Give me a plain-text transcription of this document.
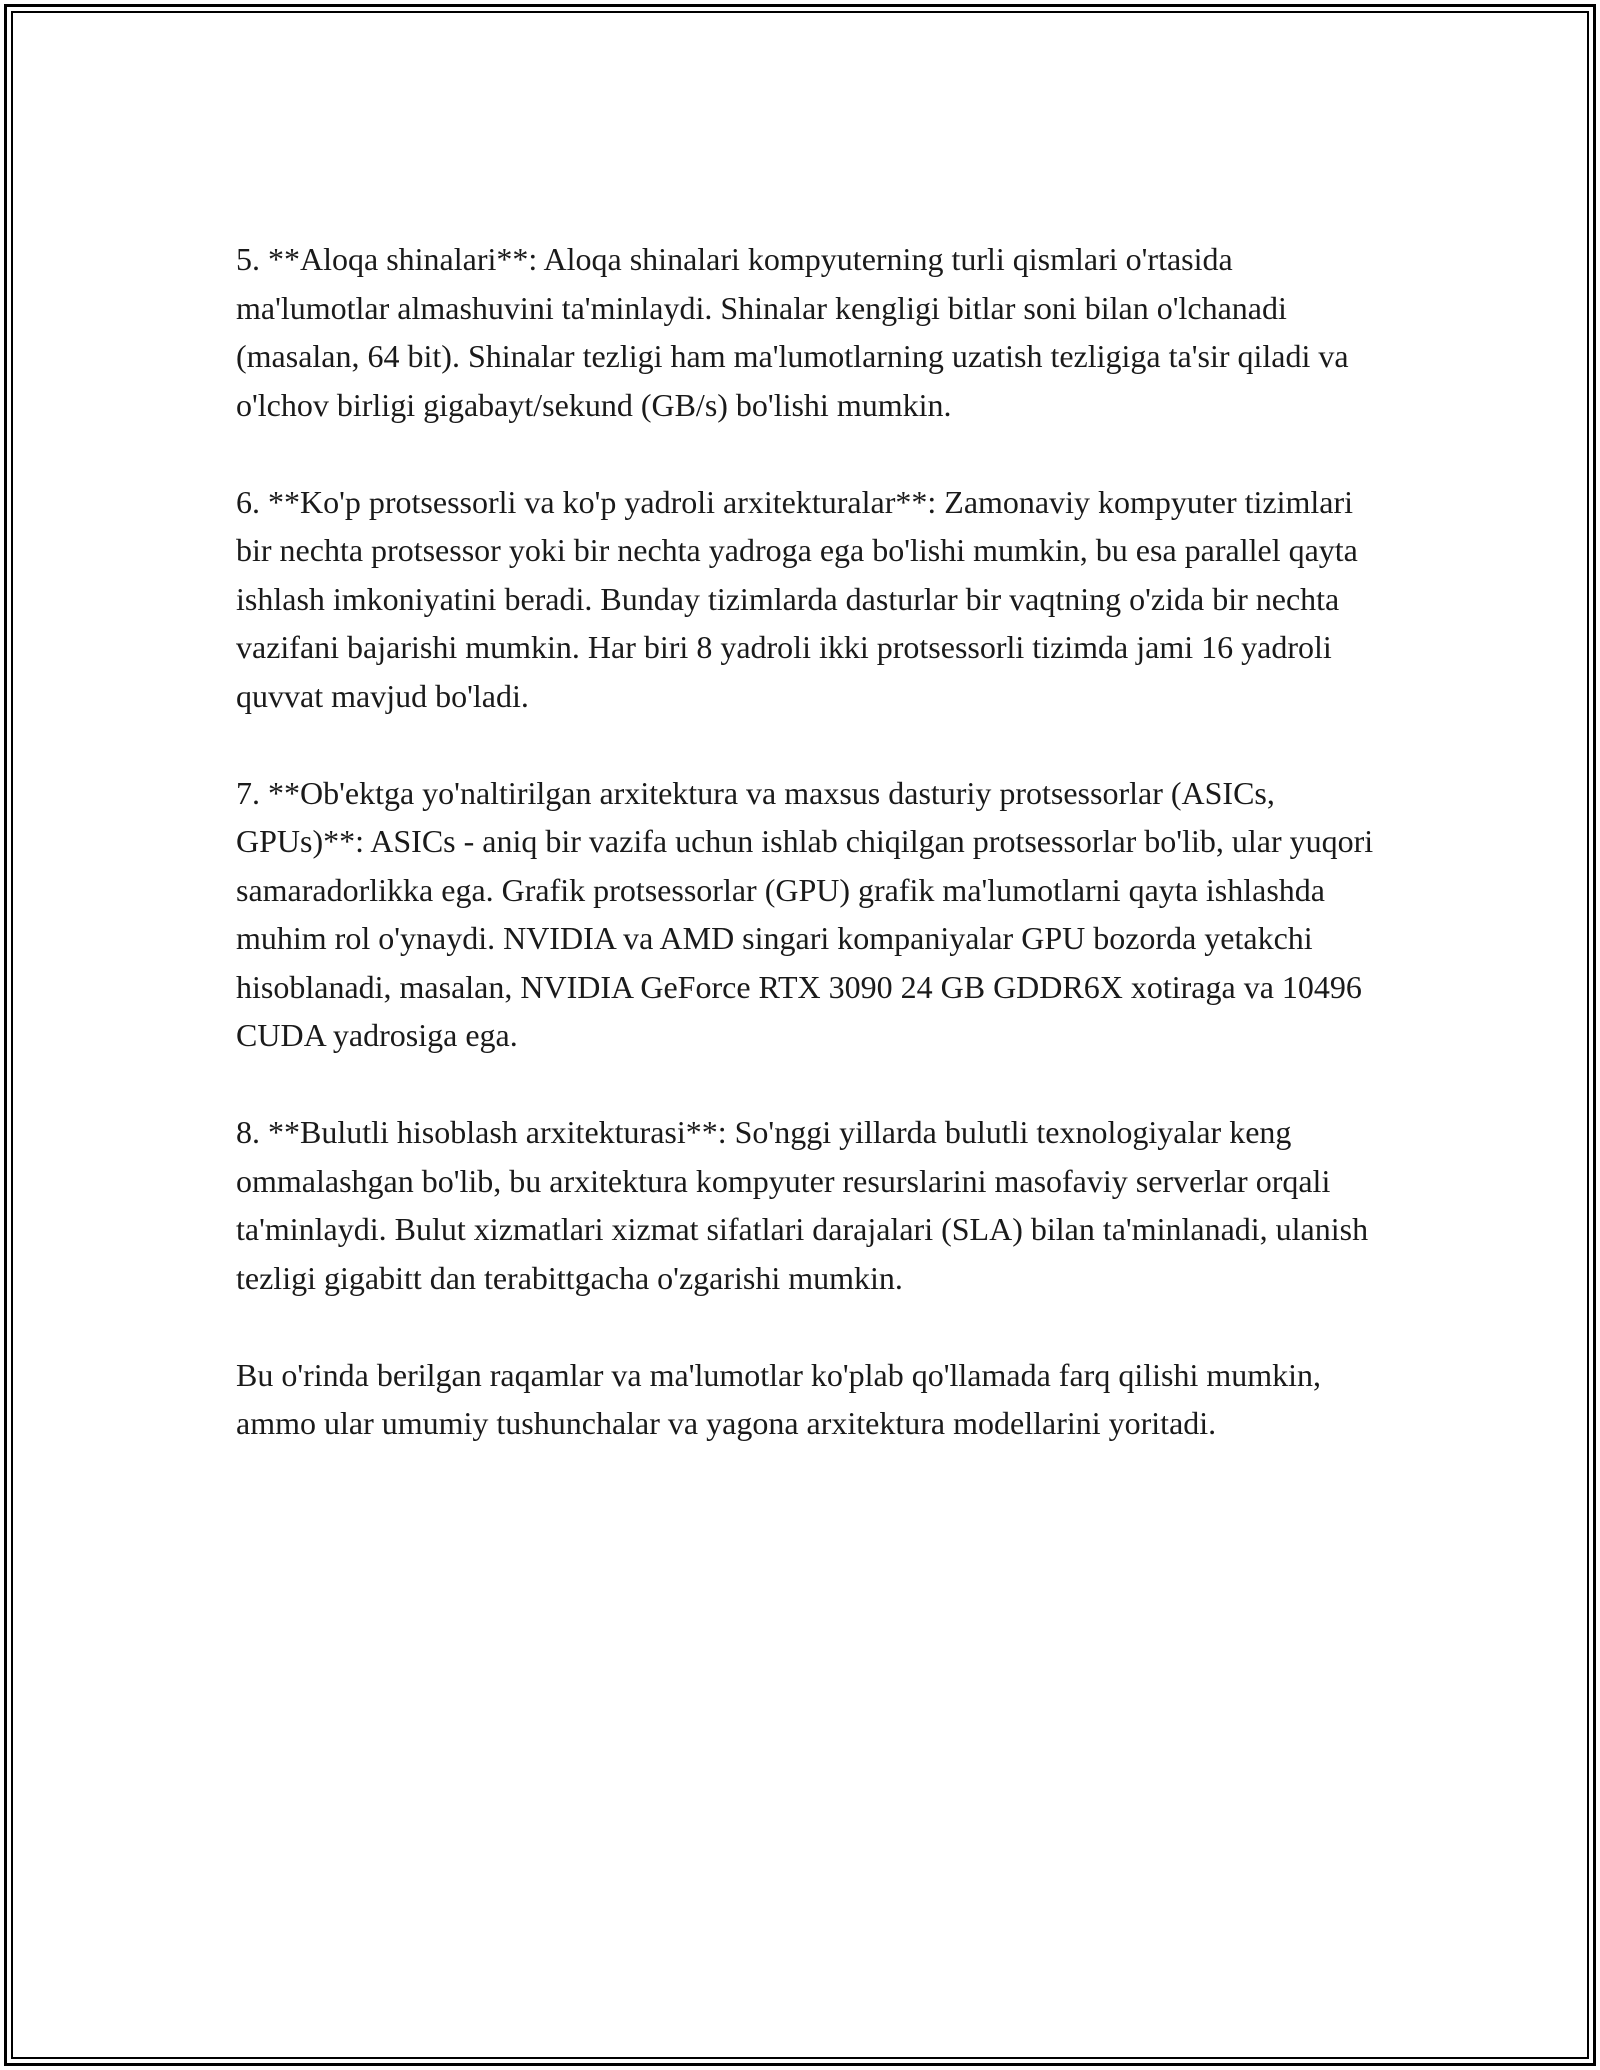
5. **Aloqa shinalari**: Aloqa shinalari kompyuterning turli qismlari o'rtasida ma'lumotlar almashuvini ta'minlaydi. Shinalar kengligi bitlar soni bilan o'lchanadi (masalan, 64 bit). Shinalar tezligi ham ma'lumotlarning uzatish tezligiga ta'sir qiladi va o'lchov birligi gigabayt/sekund (GB/s) bo'lishi mumkin.

6. **Ko'p protsessorli va ko'p yadroli arxitekturalar**: Zamonaviy kompyuter tizimlari bir nechta protsessor yoki bir nechta yadroga ega bo'lishi mumkin, bu esa parallel qayta ishlash imkoniyatini beradi. Bunday tizimlarda dasturlar bir vaqtning o'zida bir nechta vazifani bajarishi mumkin. Har biri 8 yadroli ikki protsessorli tizimda jami 16 yadroli quvvat mavjud bo'ladi.

7. **Ob'ektga yo'naltirilgan arxitektura va maxsus dasturiy protsessorlar (ASICs, GPUs)**: ASICs - aniq bir vazifa uchun ishlab chiqilgan protsessorlar bo'lib, ular yuqori samaradorlikka ega. Grafik protsessorlar (GPU) grafik ma'lumotlarni qayta ishlashda muhim rol o'ynaydi. NVIDIA va AMD singari kompaniyalar GPU bozorda yetakchi hisoblanadi, masalan, NVIDIA GeForce RTX 3090 24 GB GDDR6X xotiraga va 10496 CUDA yadrosiga ega.

8. **Bulutli hisoblash arxitekturasi**: So'nggi yillarda bulutli texnologiyalar keng ommalashgan bo'lib, bu arxitektura kompyuter resurslarini masofaviy serverlar orqali ta'minlaydi. Bulut xizmatlari xizmat sifatlari darajalari (SLA) bilan ta'minlanadi, ulanish tezligi gigabitt dan terabittgacha o'zgarishi mumkin.

Bu o'rinda berilgan raqamlar va ma'lumotlar ko'plab qo'llamada farq qilishi mumkin, ammo ular umumiy tushunchalar va yagona arxitektura modellarini yoritadi.
